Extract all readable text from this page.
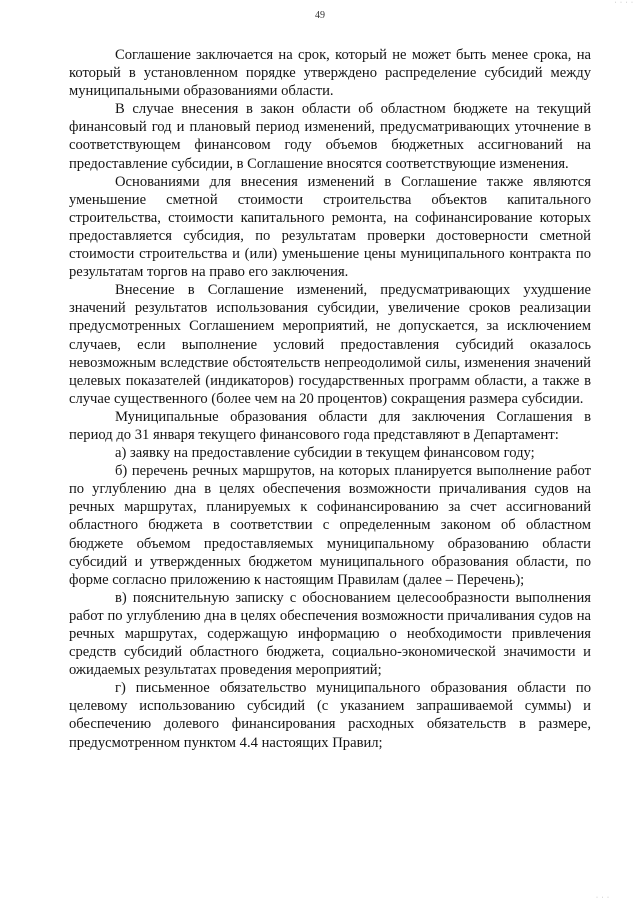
· · · ·
49

Соглашение заключается на срок, который не может быть менее срока, на который в установленном порядке утверждено распределение субсидий между муниципальными образованиями области.

В случае внесения в закон области об областном бюджете на текущий финансовый год и плановый период изменений, предусматривающих уточнение в соответствующем финансовом году объемов бюджетных ассигнований на предоставление субсидии, в Соглашение вносятся соответствующие изменения.

Основаниями для внесения изменений в Соглашение также являются уменьшение сметной стоимости строительства объектов капитального строительства, стоимости капитального ремонта, на софинансирование которых предоставляется субсидия, по результатам проверки достоверности сметной стоимости строительства и (или) уменьшение цены муниципального контракта по результатам торгов на право его заключения.

Внесение в Соглашение изменений, предусматривающих ухудшение значений результатов использования субсидии, увеличение сроков реализации предусмотренных Соглашением мероприятий, не допускается, за исключением случаев, если выполнение условий предоставления субсидий оказалось невозможным вследствие обстоятельств непреодолимой силы, изменения значений целевых показателей (индикаторов) государственных программ области, а также в случае существенного (более чем на 20 процентов) сокращения размера субсидии.

Муниципальные образования области для заключения Соглашения в период до 31 января текущего финансового года представляют в Департамент:

а) заявку на предоставление субсидии в текущем финансовом году;

б) перечень речных маршрутов, на которых планируется выполнение работ по углублению дна в целях обеспечения возможности причаливания судов на речных маршрутах, планируемых к софинансированию за счет ассигнований областного бюджета в соответствии с определенным законом об областном бюджете объемом предоставляемых муниципальному образованию области субсидий и утвержденных бюджетом муниципального образования области, по форме согласно приложению к настоящим Правилам (далее – Перечень);

в) пояснительную записку с обоснованием целесообразности выполнения работ по углублению дна в целях обеспечения возможности причаливания судов на речных маршрутах, содержащую информацию о необходимости привлечения средств субсидий областного бюджета, социально-экономической значимости и ожидаемых результатах проведения мероприятий;

г) письменное обязательство муниципального образования области по целевому использованию субсидий (с указанием запрашиваемой суммы) и обеспечению долевого финансирования расходных обязательств в размере, предусмотренном пунктом 4.4 настоящих Правил;

· · ·
